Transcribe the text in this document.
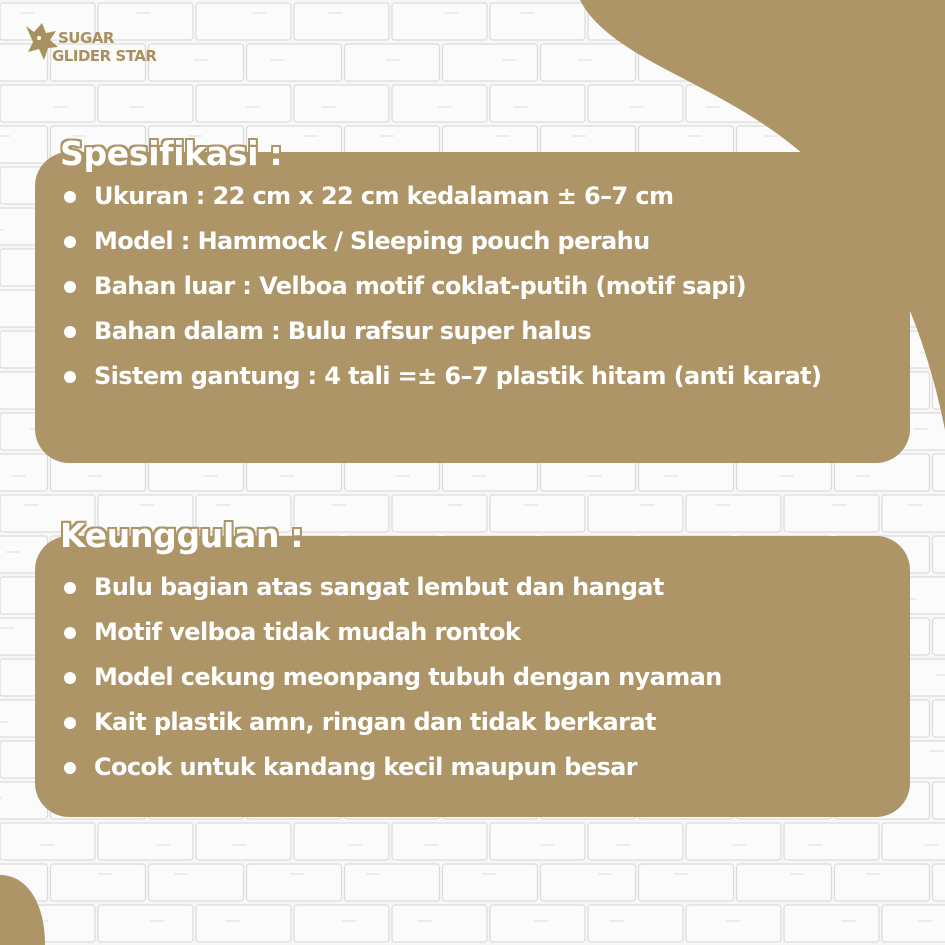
SUGAR
GLIDER STAR
Spesifikasi :
Ukuran : 22 cm x 22 cm kedalaman ± 6–7 cm
Model : Hammock / Sleeping pouch perahu
Bahan luar : Velboa motif coklat-putih (motif sapi)
Bahan dalam : Bulu rafsur super halus
Sistem gantung : 4 tali =± 6–7 plastik hitam (anti karat)
Keunggulan :
Bulu bagian atas sangat lembut dan hangat
Motif velboa tidak mudah rontok
Model cekung meonpang tubuh dengan nyaman
Kait plastik amn, ringan dan tidak berkarat
Cocok untuk kandang kecil maupun besar
